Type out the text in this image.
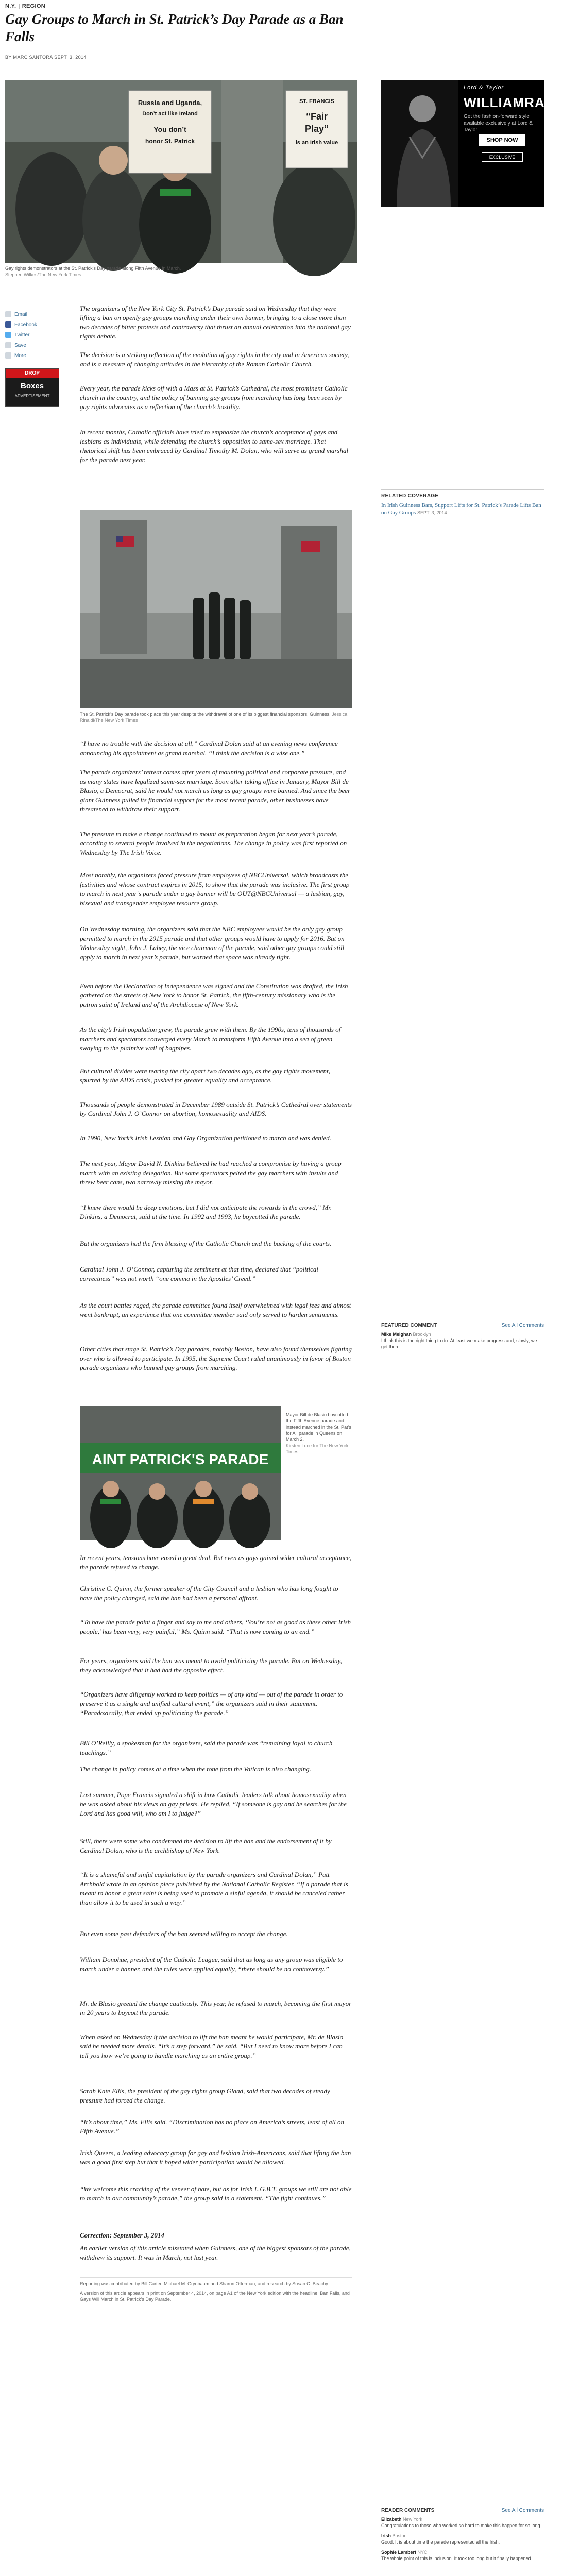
N.Y. | REGION
Gay Groups to March in St. Patrick’s Day Parade as a Ban Falls
BY MARC SANTORA SEPT. 3, 2014
Russia and Uganda,
Don’t act like Ireland
You don’t
honor St. Patrick
ST. FRANCIS
“Fair
Play”
is an Irish value
Gay rights demonstrators at the St. Patrick’s Day parade along Fifth Avenue in March.
Stephen Wilkes/The New York Times
Email
Facebook
Twitter
Save
More
DROP
Boxes
ADVERTISEMENT
Lord & Taylor
WILLIAMRAST
Get the fashion-forward style available exclusively at Lord & Taylor
SHOP NOW
EXCLUSIVE
RELATED COVERAGE
In Irish Guinness Bars, Support Lifts for St. Patrick’s Parade Lifts Ban on Gay Groups SEPT. 3, 2014
FEATURED COMMENT	See All Comments
Mike Meighan Brooklyn
I think this is the right thing to do. At least we make progress and, slowly, we get there.
READER COMMENTS	See All Comments
Elizabeth New York
Congratulations to those who worked so hard to make this happen for so long.
Irish Boston
Good. It is about time the parade represented all the Irish.
Sophie Lambert NYC
The whole point of this is inclusion. It took too long but it finally happened.

The organizers of the New York City St. Patrick’s Day parade said on Wednesday that they were lifting a ban on openly gay groups marching under their own banner, bringing to a close more than two decades of bitter protests and controversy that thrust an annual celebration into the national gay rights debate.

The decision is a striking reflection of the evolution of gay rights in the city and in American society, and is a measure of changing attitudes in the hierarchy of the Roman Catholic Church.

Every year, the parade kicks off with a Mass at St. Patrick’s Cathedral, the most prominent Catholic church in the country, and the policy of banning gay groups from marching has long been seen by gay rights advocates as a reflection of the church’s hostility.

In recent months, Catholic officials have tried to emphasize the church’s acceptance of gays and lesbians as individuals, while defending the church’s opposition to same-sex marriage. That rhetorical shift has been embraced by Cardinal Timothy M. Dolan, who will serve as grand marshal for the parade next year.

The St. Patrick’s Day parade took place this year despite the withdrawal of one of its biggest financial sponsors, Guinness. Jessica Rinaldi/The New York Times

“I have no trouble with the decision at all,” Cardinal Dolan said at an evening news conference announcing his appointment as grand marshal. “I think the decision is a wise one.”

The parade organizers’ retreat comes after years of mounting political and corporate pressure, and as many states have legalized same-sex marriage. Soon after taking office in January, Mayor Bill de Blasio, a Democrat, said he would not march as long as gay groups were banned. And since the beer giant Guinness pulled its financial support for the most recent parade, other businesses have threatened to withdraw their support.

The pressure to make a change continued to mount as preparation began for next year’s parade, according to several people involved in the negotiations. The change in policy was first reported on Wednesday by The Irish Voice.

Most notably, the organizers faced pressure from employees of NBCUniversal, which broadcasts the festivities and whose contract expires in 2015, to show that the parade was inclusive. The first group to march in next year’s parade under a gay banner will be OUT@NBCUniversal — a lesbian, gay, bisexual and transgender employee resource group.

On Wednesday morning, the organizers said that the NBC employees would be the only gay group permitted to march in the 2015 parade and that other groups would have to apply for 2016. But on Wednesday night, John J. Lahey, the vice chairman of the parade, said other gay groups could still apply to march in next year’s parade, but warned that space was already tight.

Even before the Declaration of Independence was signed and the Constitution was drafted, the Irish gathered on the streets of New York to honor St. Patrick, the fifth-century missionary who is the patron saint of Ireland and of the Archdiocese of New York.

As the city’s Irish population grew, the parade grew with them. By the 1990s, tens of thousands of marchers and spectators converged every March to transform Fifth Avenue into a sea of green swaying to the plaintive wail of bagpipes.

But cultural divides were tearing the city apart two decades ago, as the gay rights movement, spurred by the AIDS crisis, pushed for greater equality and acceptance.

Thousands of people demonstrated in December 1989 outside St. Patrick’s Cathedral over statements by Cardinal John J. O’Connor on abortion, homosexuality and AIDS.

In 1990, New York’s Irish Lesbian and Gay Organization petitioned to march and was denied.

The next year, Mayor David N. Dinkins believed he had reached a compromise by having a group march with an existing delegation. But some spectators pelted the gay marchers with insults and threw beer cans, two narrowly missing the mayor.

“I knew there would be deep emotions, but I did not anticipate the rowards in the crowd,” Mr. Dinkins, a Democrat, said at the time. In 1992 and 1993, he boycotted the parade.

But the organizers had the firm blessing of the Catholic Church and the backing of the courts.

Cardinal John J. O’Connor, capturing the sentiment at that time, declared that “political correctness” was not worth “one comma in the Apostles’ Creed.”

As the court battles raged, the parade committee found itself overwhelmed with legal fees and almost went bankrupt, an experience that one committee member said only served to harden sentiments.

Other cities that stage St. Patrick’s Day parades, notably Boston, have also found themselves fighting over who is allowed to participate. In 1995, the Supreme Court ruled unanimously in favor of Boston parade organizers who banned gay groups from marching.

AINT PATRICK'S PARADE
Mayor Bill de Blasio boycotted the Fifth Avenue parade and instead marched in the St. Pat’s for All parade in Queens on March 2.
Kirsten Luce for The New York Times

In recent years, tensions have eased a great deal. But even as gays gained wider cultural acceptance, the parade refused to change.

Christine C. Quinn, the former speaker of the City Council and a lesbian who has long fought to have the policy changed, said the ban had been a personal affront.

“To have the parade point a finger and say to me and others, ‘You’re not as good as these other Irish people,’ has been very, very painful,” Ms. Quinn said. “That is now coming to an end.”

For years, organizers said the ban was meant to avoid politicizing the parade. But on Wednesday, they acknowledged that it had had the opposite effect.

“Organizers have diligently worked to keep politics — of any kind — out of the parade in order to preserve it as a single and unified cultural event,” the organizers said in their statement. “Paradoxically, that ended up politicizing the parade.”

Bill O’Reilly, a spokesman for the organizers, said the parade was “remaining loyal to church teachings.”

The change in policy comes at a time when the tone from the Vatican is also changing.

Last summer, Pope Francis signaled a shift in how Catholic leaders talk about homosexuality when he was asked about his views on gay priests. He replied, “If someone is gay and he searches for the Lord and has good will, who am I to judge?”

Still, there were some who condemned the decision to lift the ban and the endorsement of it by Cardinal Dolan, who is the archbishop of New York.

“It is a shameful and sinful capitulation by the parade organizers and Cardinal Dolan,” Patt Archbold wrote in an opinion piece published by the National Catholic Register. “If a parade that is meant to honor a great saint is being used to promote a sinful agenda, it should be canceled rather than allow it to be used in such a way.”

But even some past defenders of the ban seemed willing to accept the change.

William Donohue, president of the Catholic League, said that as long as any group was eligible to march under a banner, and the rules were applied equally, “there should be no controversy.”

Mr. de Blasio greeted the change cautiously. This year, he refused to march, becoming the first mayor in 20 years to boycott the parade.

When asked on Wednesday if the decision to lift the ban meant he would participate, Mr. de Blasio said he needed more details. “It’s a step forward,” he said. “But I need to know more before I can tell you how we’re going to handle marching as an entire group.”

Sarah Kate Ellis, the president of the gay rights group Glaad, said that two decades of steady pressure had forced the change.

“It’s about time,” Ms. Ellis said. “Discrimination has no place on America’s streets, least of all on Fifth Avenue.”

Irish Queers, a leading advocacy group for gay and lesbian Irish-Americans, said that lifting the ban was a good first step but that it hoped wider participation would be allowed.

“We welcome this cracking of the veneer of hate, but as for Irish L.G.B.T. groups we still are not able to march in our community’s parade,” the group said in a statement. “The fight continues.”

Correction: September 3, 2014

An earlier version of this article misstated when Guinness, one of the biggest sponsors of the parade, withdrew its support. It was in March, not last year.

Reporting was contributed by Bill Carter, Michael M. Grynbaum and Sharon Otterman, and research by Susan C. Beachy.
A version of this article appears in print on September 4, 2014, on page A1 of the New York edition with the headline: Ban Falls, and Gays Will March in St. Patrick’s Day Parade.
